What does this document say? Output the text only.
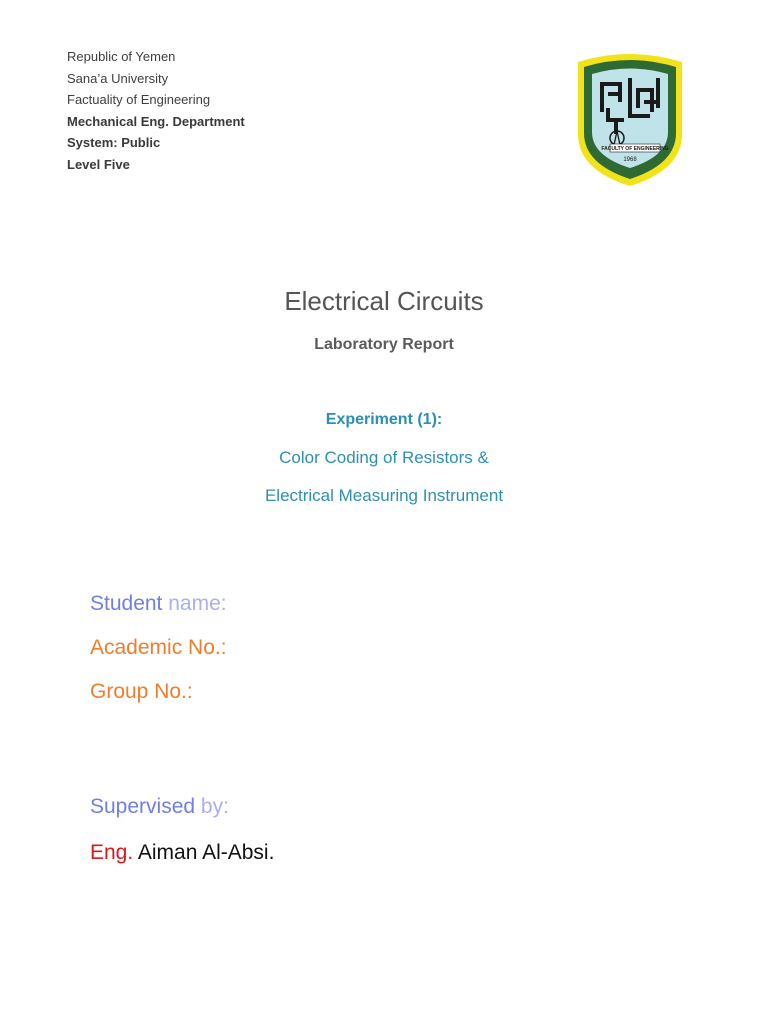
Republic of Yemen
Sana’a University
Factuality of Engineering
Mechanical Eng. Department
System: Public
Level Five
FACULTY OF ENGINEERING
1968
Electrical Circuits
Laboratory Report
Experiment (1):
Color Coding of Resistors &
Electrical Measuring Instrument
Student name:
Academic No.:
Group No.:
Supervised by:
Eng. Aiman Al-Absi.
